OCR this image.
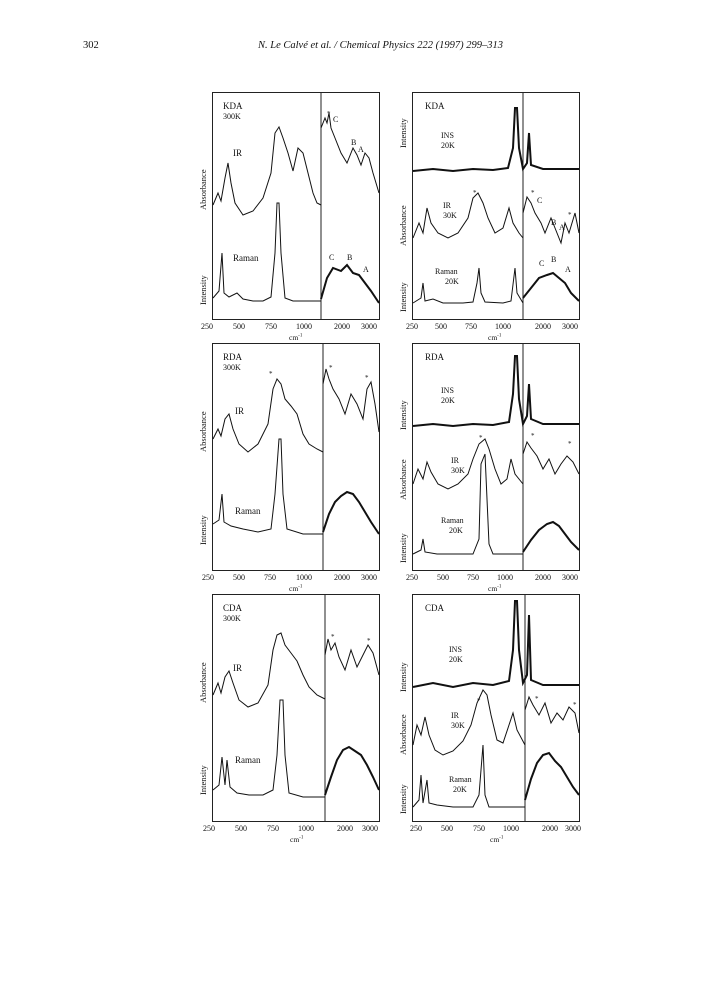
302	N. Le Calvé et al. / Chemical Physics 222 (1997) 299–313
KDA
300K
IR
Raman
*
C
B
A
C B
A
Absorbance
Intensity
250	500	750 1000	2000 3000
$cm^{-1}$
KDA
INS
20K
IR
30K
Raman
20K
*	*
*
C
B
A
C B
A
Intensity
Absorbance
Intensity
250 500 750 1000	2000 3000
$cm^{-1}$
RDA
300K
IR
Raman
*
*
*
Absorbance
Intensity
250 500 750	1000	2000 3000
$cm^{-1}$
RDA
INS
20K
IR
30K
Raman
20K
*	*
*
Intensity
Absorbance
Intensity
250 500 750 1000	2000 3000
$cm^{-1}$
CDA
300K
IR
Raman
*	*
Absorbance
Intensity
250	500	750 1000	2000 3000
$cm^{-1}$
CDA
INS
20K
IR
30K
Raman
20K
*	*
*
Intensity
Absorbance
Intensity
250 500	750 1000	2000 3000
$cm^{-1}$
